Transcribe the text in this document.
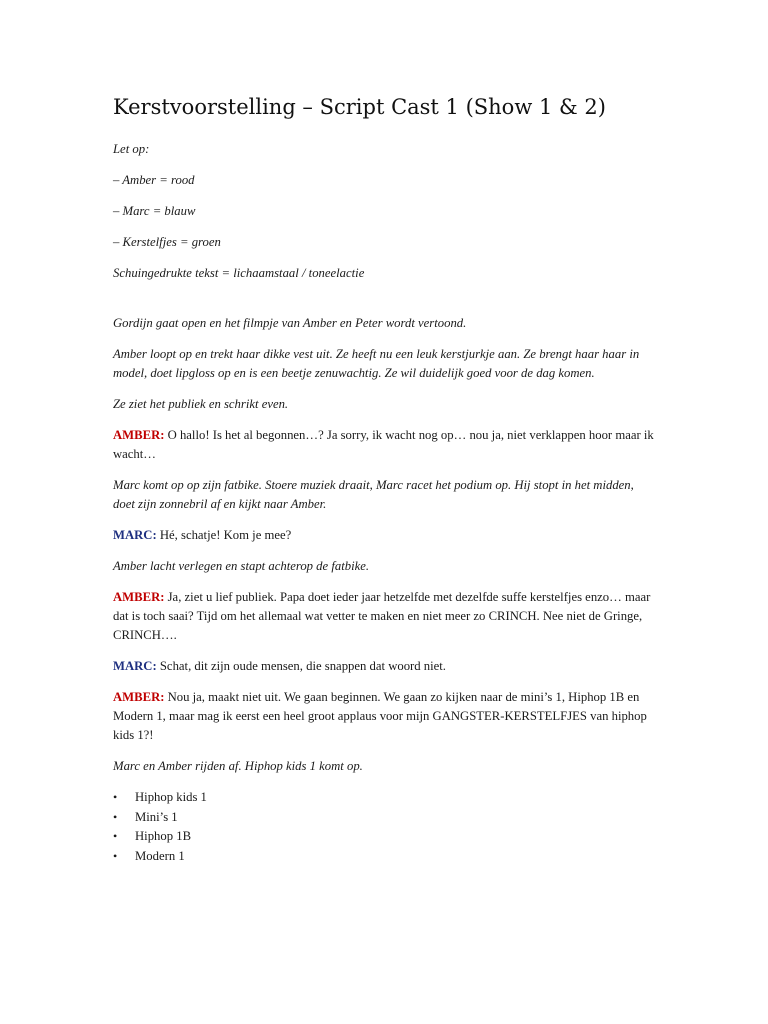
Kerstvoorstelling – Script Cast 1 (Show 1 & 2)

Let op:

– Amber = rood

– Marc = blauw

– Kerstelfjes = groen

Schuingedrukte tekst = lichaamstaal / toneelactie

Gordijn gaat open en het filmpje van Amber en Peter wordt vertoond.

Amber loopt op en trekt haar dikke vest uit. Ze heeft nu een leuk kerstjurkje aan. Ze brengt haar haar in model, doet lipgloss op en is een beetje zenuwachtig. Ze wil duidelijk goed voor de dag komen.

Ze ziet het publiek en schrikt even.

AMBER: O hallo! Is het al begonnen…? Ja sorry, ik wacht nog op… nou ja, niet verklappen hoor maar ik wacht…

Marc komt op op zijn fatbike. Stoere muziek draait, Marc racet het podium op. Hij stopt in het midden, doet zijn zonnebril af en kijkt naar Amber.

MARC: Hé, schatje! Kom je mee?

Amber lacht verlegen en stapt achterop de fatbike.

AMBER: Ja, ziet u lief publiek. Papa doet ieder jaar hetzelfde met dezelfde suffe kerstelfjes enzo… maar dat is toch saai? Tijd om het allemaal wat vetter te maken en niet meer zo CRINCH. Nee niet de Gringe, CRINCH….

MARC: Schat, dit zijn oude mensen, die snappen dat woord niet.

AMBER: Nou ja, maakt niet uit. We gaan beginnen. We gaan zo kijken naar de mini’s 1, Hiphop 1B en Modern 1, maar mag ik eerst een heel groot applaus voor mijn GANGSTER-KERSTELFJES van hiphop kids 1?!

Marc en Amber rijden af. Hiphop kids 1 komt op.

• Hiphop kids 1
• Mini’s 1
• Hiphop 1B
• Modern 1
